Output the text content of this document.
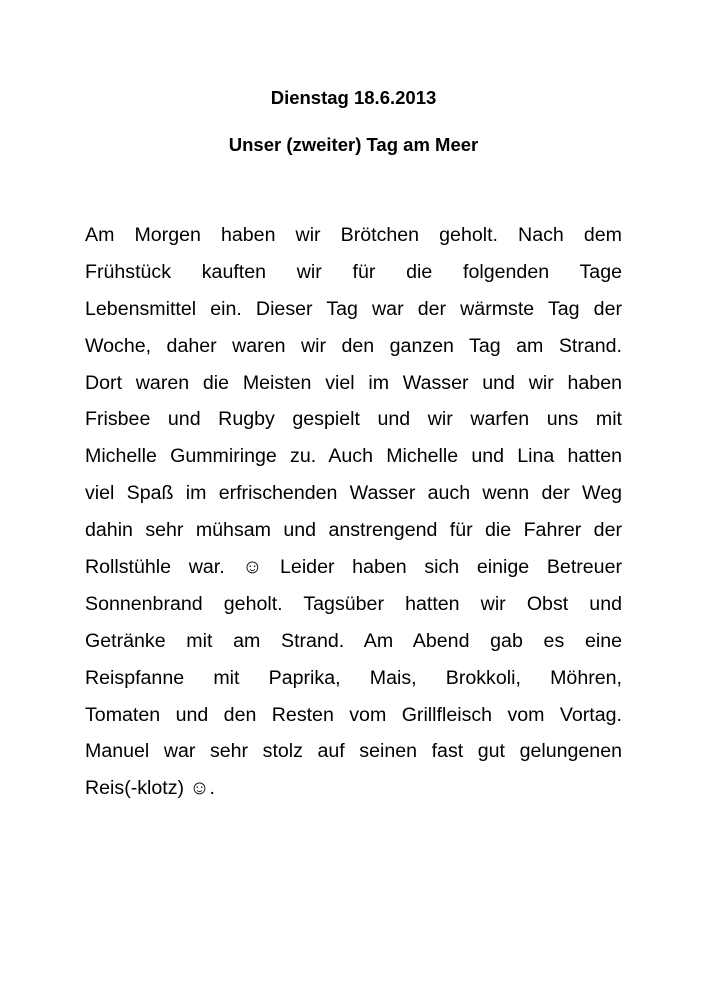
Dienstag 18.6.2013
Unser (zweiter) Tag am Meer
Am Morgen haben wir Brötchen geholt. Nach dem
Frühstück kauften wir für die folgenden Tage
Lebensmittel ein. Dieser Tag war der wärmste Tag der
Woche, daher waren wir den ganzen Tag am Strand.
Dort waren die Meisten viel im Wasser und wir haben
Frisbee und Rugby gespielt und wir warfen uns mit
Michelle Gummiringe zu. Auch Michelle und Lina hatten
viel Spaß im erfrischenden Wasser auch wenn der Weg
dahin sehr mühsam und anstrengend für die Fahrer der
Rollstühle war. ☺ Leider haben sich einige Betreuer
Sonnenbrand geholt. Tagsüber hatten wir Obst und
Getränke mit am Strand. Am Abend gab es eine
Reispfanne mit Paprika, Mais, Brokkoli, Möhren,
Tomaten und den Resten vom Grillfleisch vom Vortag.
Manuel war sehr stolz auf seinen fast gut gelungenen
Reis(-klotz) ☺.
